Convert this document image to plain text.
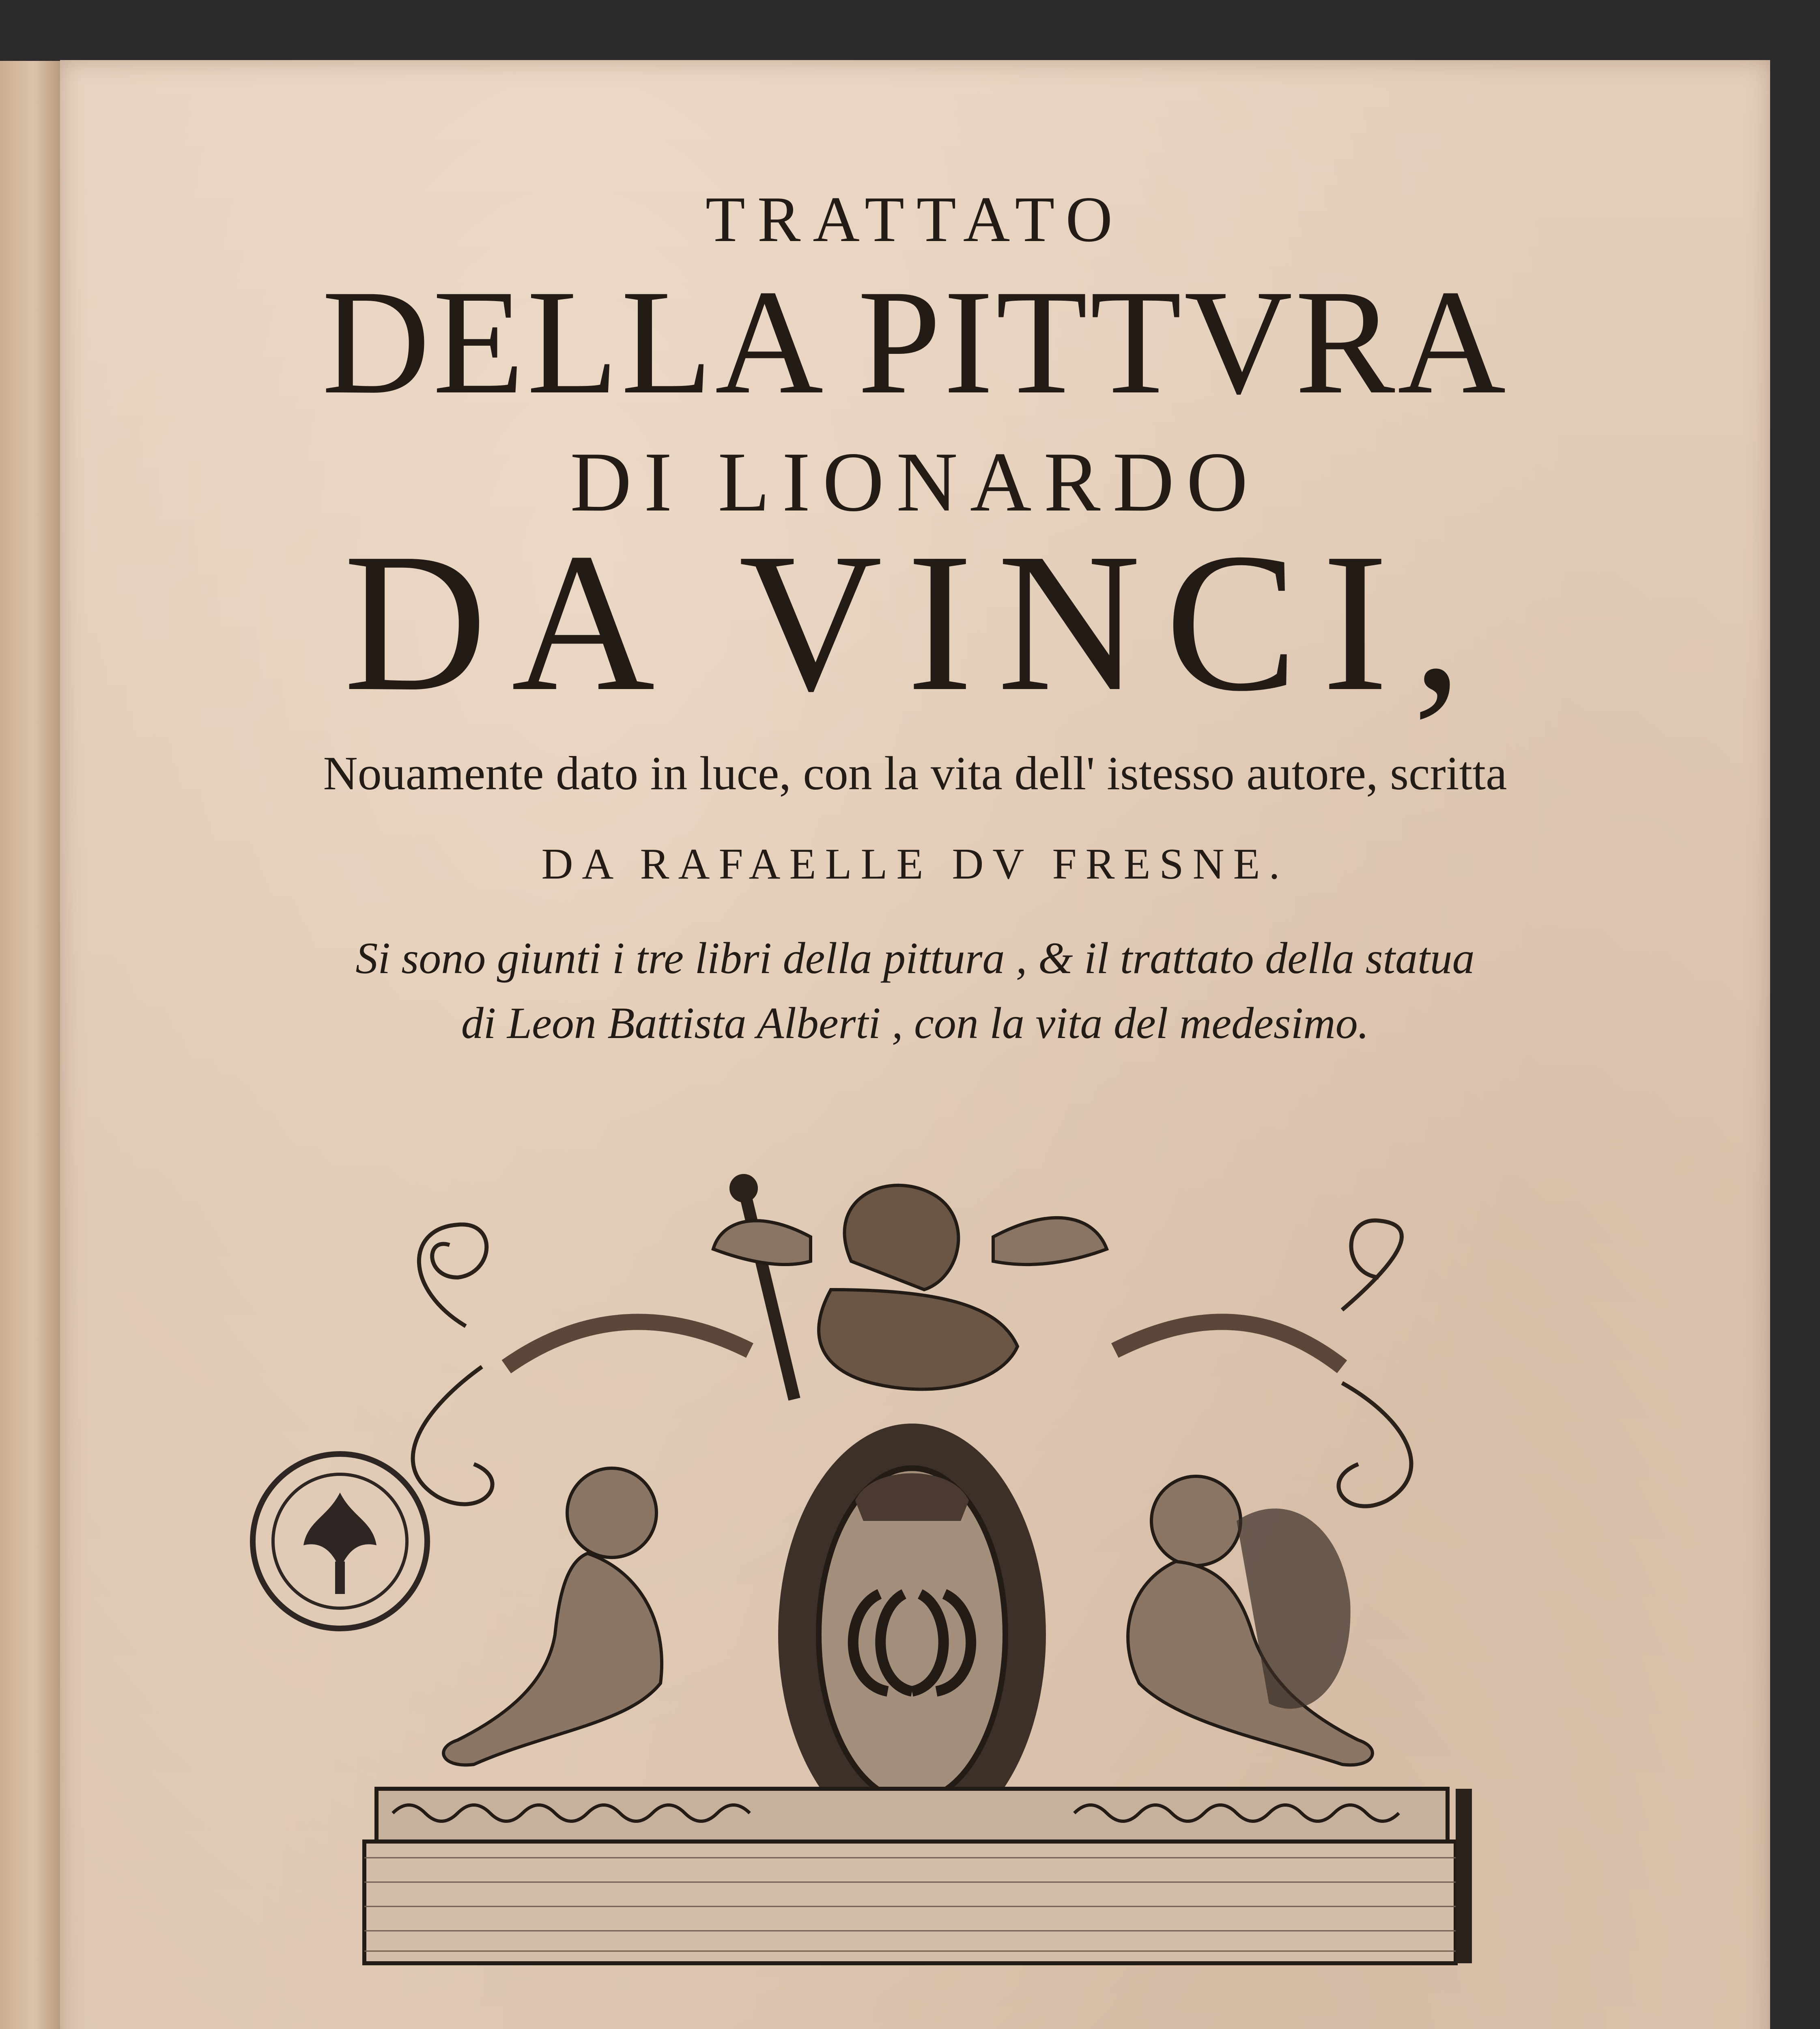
TRATTATO
DELLA PITTVRA
DI LIONARDO
DA VINCI,
Nouamente dato in luce, con la vita dell' istesso autore, scritta
DA RAFAELLE DV FRESNE.
Si sono giunti i tre libri della pittura , & il trattato della statua
di Leon Battista Alberti , con la vita del medesimo.
